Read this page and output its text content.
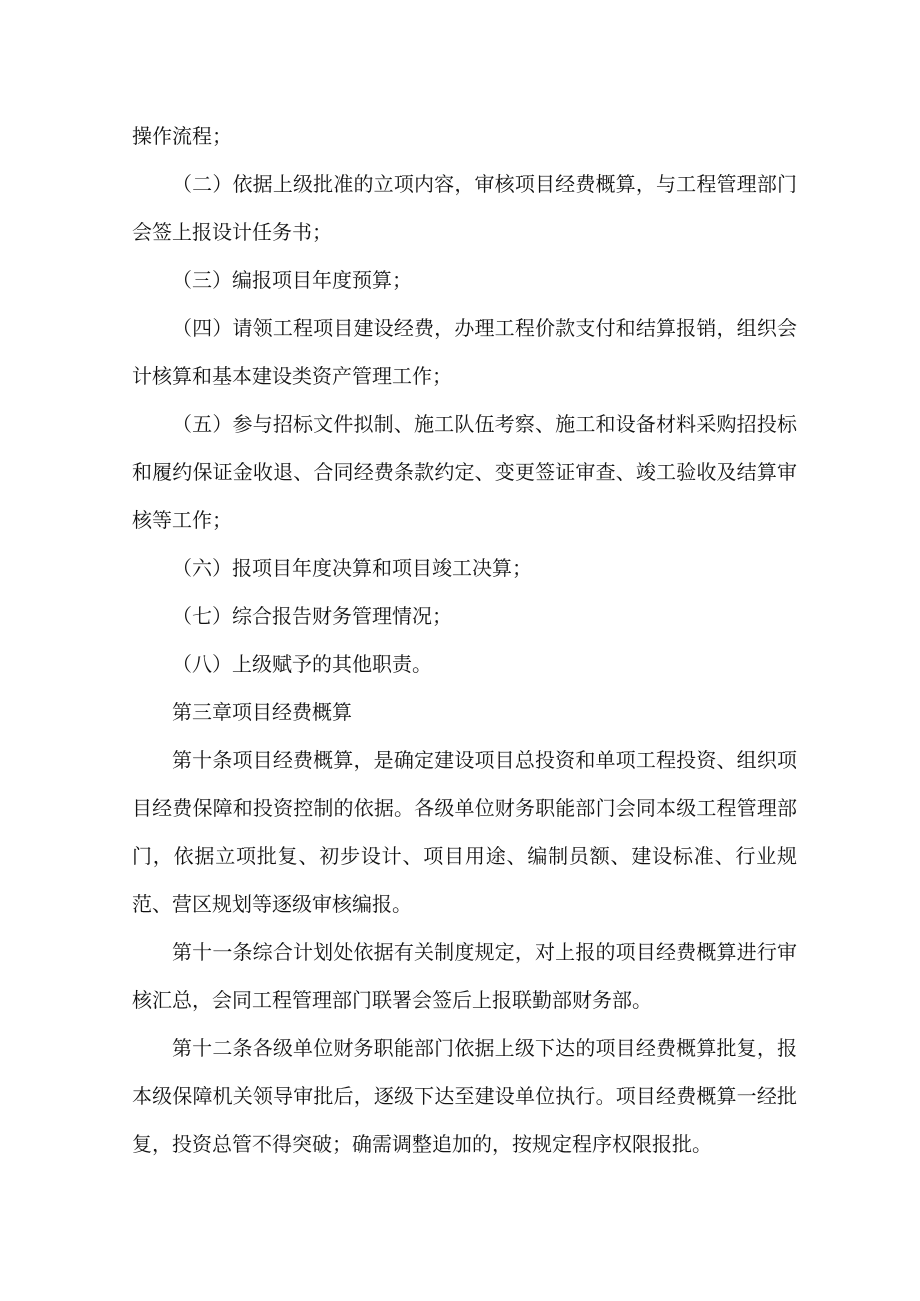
操作流程；

（二）依据上级批准的立项内容，审核项目经费概算，与工程管理部门会签上报设计任务书；

（三）编报项目年度预算；

（四）请领工程项目建设经费，办理工程价款支付和结算报销，组织会计核算和基本建设类资产管理工作；

（五）参与招标文件拟制、施工队伍考察、施工和设备材料采购招投标和履约保证金收退、合同经费条款约定、变更签证审查、竣工验收及结算审核等工作；

（六）报项目年度决算和项目竣工决算；

（七）综合报告财务管理情况；

（八）上级赋予的其他职责。

第三章项目经费概算

第十条项目经费概算，是确定建设项目总投资和单项工程投资、组织项目经费保障和投资控制的依据。各级单位财务职能部门会同本级工程管理部门，依据立项批复、初步设计、项目用途、编制员额、建设标准、行业规范、营区规划等逐级审核编报。

第十一条综合计划处依据有关制度规定，对上报的项目经费概算进行审核汇总，会同工程管理部门联署会签后上报联勤部财务部。

第十二条各级单位财务职能部门依据上级下达的项目经费概算批复，报本级保障机关领导审批后，逐级下达至建设单位执行。项目经费概算一经批复，投资总管不得突破；确需调整追加的，按规定程序权限报批。
